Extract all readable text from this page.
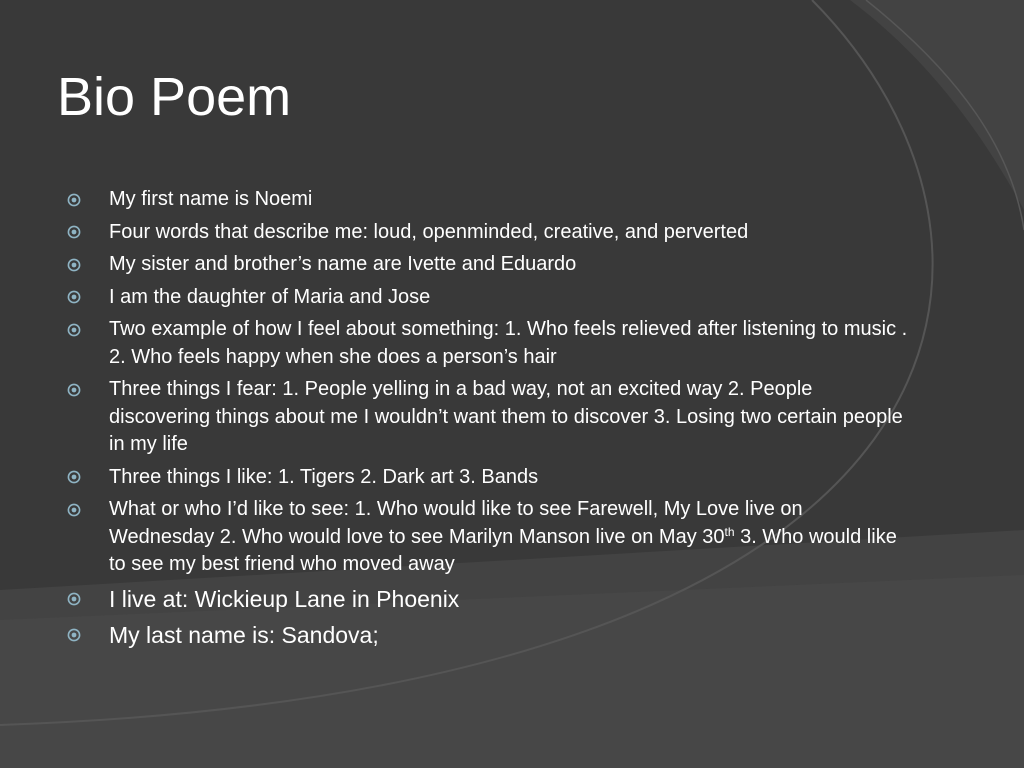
Bio Poem
My first name is Noemi
Four words that describe me: loud, openminded, creative, and perverted
My sister and brother’s name are Ivette and Eduardo
I am the daughter of Maria and Jose
Two example of how I feel about something: 1. Who feels relieved after listening to music . 2. Who feels happy when she does a person’s hair
Three things I fear: 1. People yelling in a bad way, not an excited way 2. People discovering things about me I wouldn’t want them to discover 3. Losing two certain people in my life
Three things I like: 1. Tigers 2. Dark art 3. Bands
What or who I’d like to see: 1. Who would like to see Farewell, My Love live on Wednesday 2. Who would love to see Marilyn Manson live on May 30th 3. Who would like to see my best friend who moved away
I live at: Wickieup Lane in Phoenix
My last name is: Sandova;
